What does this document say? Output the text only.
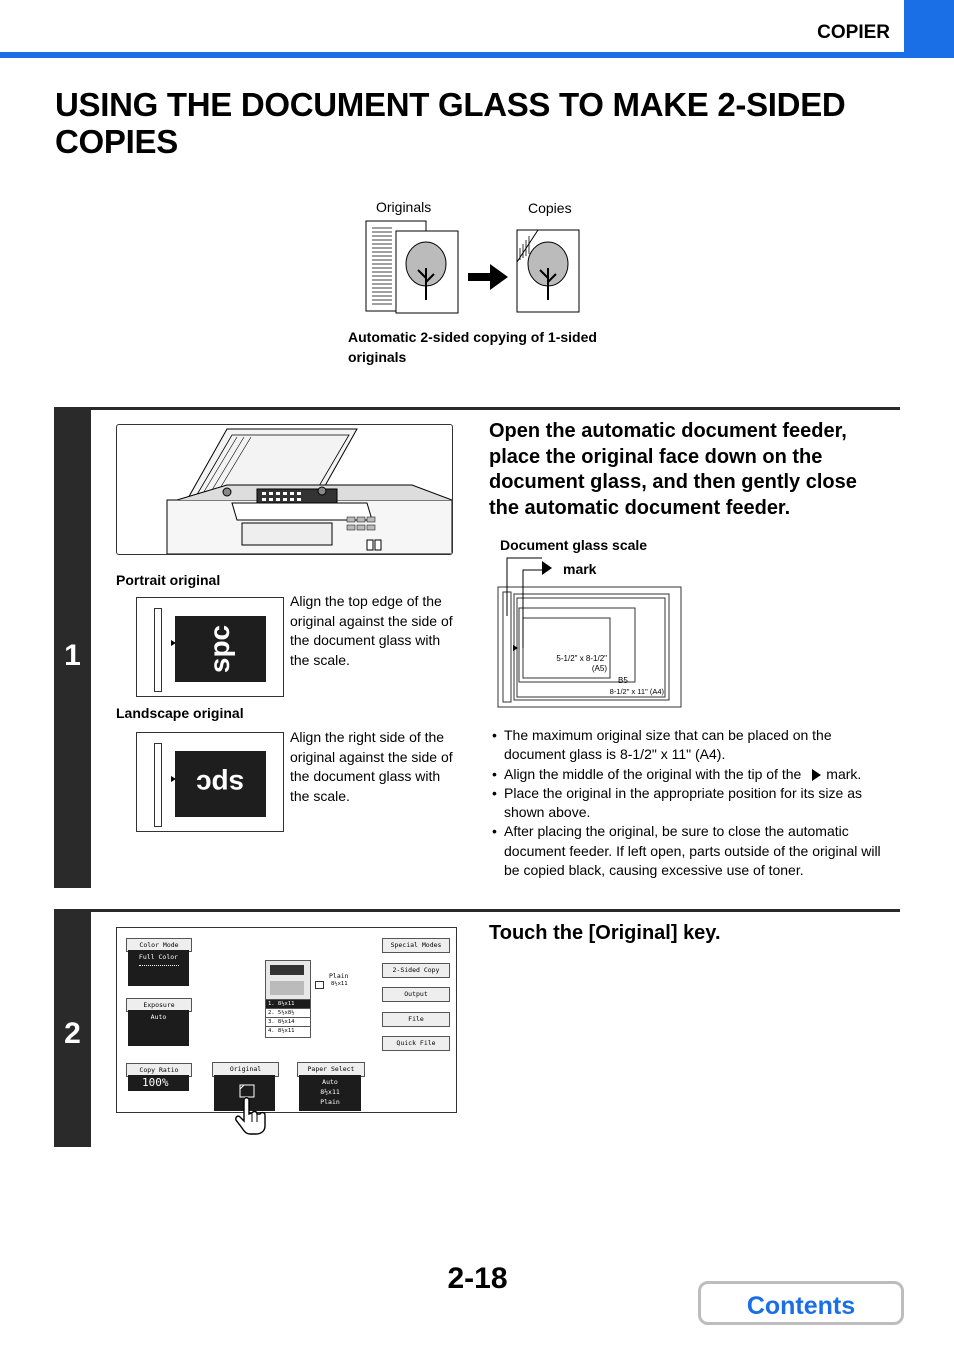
COPIER
USING THE DOCUMENT GLASS TO MAKE 2-SIDED COPIES
Originals	Copies
Automatic 2-sided copying of 1-sided originals
1
Open the automatic document feeder, place the original face down on the document glass, and then gently close the automatic document feeder.
Portrait original
spc
Align the top edge of the original against the side of the document glass with the scale.
Landscape original
spc
Align the right side of the original against the side of the document glass with the scale.
Document glass scale
mark
5-1/2" x 8-1/2"
(A5)
B5
8-1/2" x 11" (A4)
• The maximum original size that can be placed on the document glass is 8-1/2" x 11" (A4).
• Align the middle of the original with the tip of the mark.
• Place the original in the appropriate position for its size as shown above.
• After placing the original, be sure to close the automatic document feeder. If left open, parts outside of the original will be copied black, causing excessive use of toner.
2
Touch the [Original] key.
Color Mode
Full Color
Exposure
Auto
Copy Ratio
100%
Original	Paper Select
Auto
8½x11
Plain
Plain
8½x11
1. 8½x11
2. 5½x8½
3. 8½x14
4. 8½x11
Special Modes
2-Sided Copy
Output
File
Quick File
2-18
Contents
